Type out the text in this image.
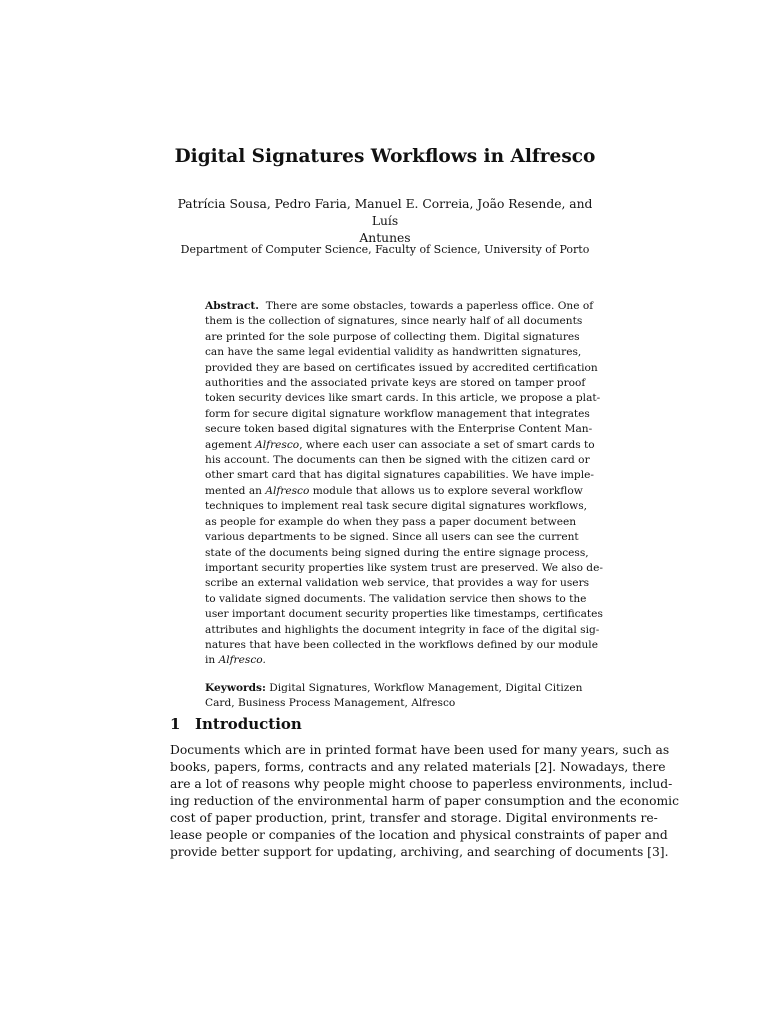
Digital Signatures Workflows in Alfresco
Patrícia Sousa, Pedro Faria, Manuel E. Correia, João Resende, and Luís
Antunes
Department of Computer Science, Faculty of Science, University of Porto
Abstract. There are some obstacles, towards a paperless office. One of
them is the collection of signatures, since nearly half of all documents
are printed for the sole purpose of collecting them. Digital signatures
can have the same legal evidential validity as handwritten signatures,
provided they are based on certificates issued by accredited certification
authorities and the associated private keys are stored on tamper proof
token security devices like smart cards. In this article, we propose a plat-
form for secure digital signature workflow management that integrates
secure token based digital signatures with the Enterprise Content Man-
agement Alfresco, where each user can associate a set of smart cards to
his account. The documents can then be signed with the citizen card or
other smart card that has digital signatures capabilities. We have imple-
mented an Alfresco module that allows us to explore several workflow
techniques to implement real task secure digital signatures workflows,
as people for example do when they pass a paper document between
various departments to be signed. Since all users can see the current
state of the documents being signed during the entire signage process,
important security properties like system trust are preserved. We also de-
scribe an external validation web service, that provides a way for users
to validate signed documents. The validation service then shows to the
user important document security properties like timestamps, certificates
attributes and highlights the document integrity in face of the digital sig-
natures that have been collected in the workflows defined by our module
in Alfresco.
Keywords: Digital Signatures, Workflow Management, Digital Citizen
Card, Business Process Management, Alfresco
1 Introduction
Documents which are in printed format have been used for many years, such as
books, papers, forms, contracts and any related materials [2]. Nowadays, there
are a lot of reasons why people might choose to paperless environments, includ-
ing reduction of the environmental harm of paper consumption and the economic
cost of paper production, print, transfer and storage. Digital environments re-
lease people or companies of the location and physical constraints of paper and
provide better support for updating, archiving, and searching of documents [3].
